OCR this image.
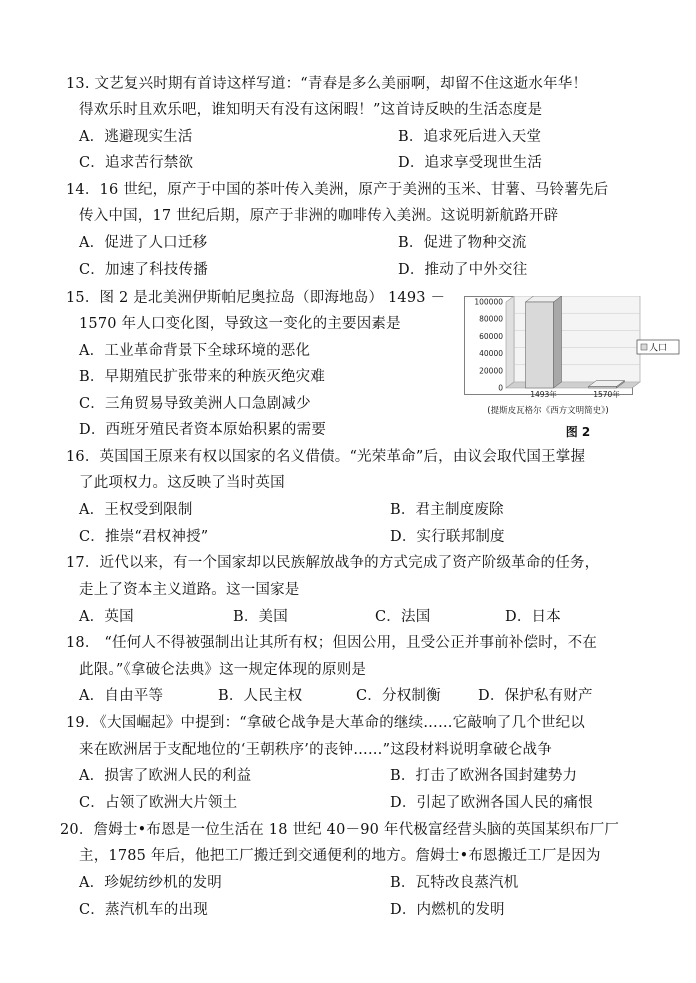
13. 文艺复兴时期有首诗这样写道：“青春是多么美丽啊，却留不住这逝水年华！
得欢乐时且欢乐吧，谁知明天有没有这闲暇！”这首诗反映的生活态度是
A．逃避现实生活	B．追求死后进入天堂
C．追求苦行禁欲	D．追求享受现世生活
14．16 世纪，原产于中国的茶叶传入美洲，原产于美洲的玉米、甘薯、马铃薯先后
传入中国，17 世纪后期，原产于非洲的咖啡传入美洲。这说明新航路开辟
A．促进了人口迁移	B．促进了物种交流
C．加速了科技传播	D．推动了中外交往
15．图 2 是北美洲伊斯帕尼奥拉岛（即海地岛） 1493 －
1570 年人口变化图，导致这一变化的主要因素是
A．工业革命背景下全球环境的恶化
B．早期殖民扩张带来的种族灭绝灾难
C．三角贸易导致美洲人口急剧减少
D．西班牙殖民者资本原始积累的需要
0
20000
40000
60000
80000
100000
1493年	1570年
人口
(提斯皮瓦格尔《西方文明简史》)
图 2
16．英国国王原来有权以国家的名义借债。“光荣革命”后，由议会取代国王掌握
了此项权力。这反映了当时英国
A．王权受到限制	B．君主制度废除
C．推崇“君权神授”	D．实行联邦制度
17．近代以来，有一个国家却以民族解放战争的方式完成了资产阶级革命的任务，
走上了资本主义道路。这一国家是
A．英国	B．美国	C．法国	D．日本
18． “任何人不得被强制出让其所有权；但因公用，且受公正并事前补偿时，不在
此限。”《拿破仑法典》这一规定体现的原则是
A．自由平等	B．人民主权	C．分权制衡	D．保护私有财产
19．《大国崛起》中提到：“拿破仑战争是大革命的继续……它敲响了几个世纪以
来在欧洲居于支配地位的‘王朝秩序’的丧钟……”这段材料说明拿破仑战争
A．损害了欧洲人民的利益	B．打击了欧洲各国封建势力
C．占领了欧洲大片领土	D．引起了欧洲各国人民的痛恨
20．詹姆士•布恩是一位生活在 18 世纪 40－90 年代极富经营头脑的英国某织布厂厂
主，1785 年后，他把工厂搬迁到交通便利的地方。詹姆士•布恩搬迁工厂是因为
A．珍妮纺纱机的发明	B．瓦特改良蒸汽机
C．蒸汽机车的出现	D．内燃机的发明
